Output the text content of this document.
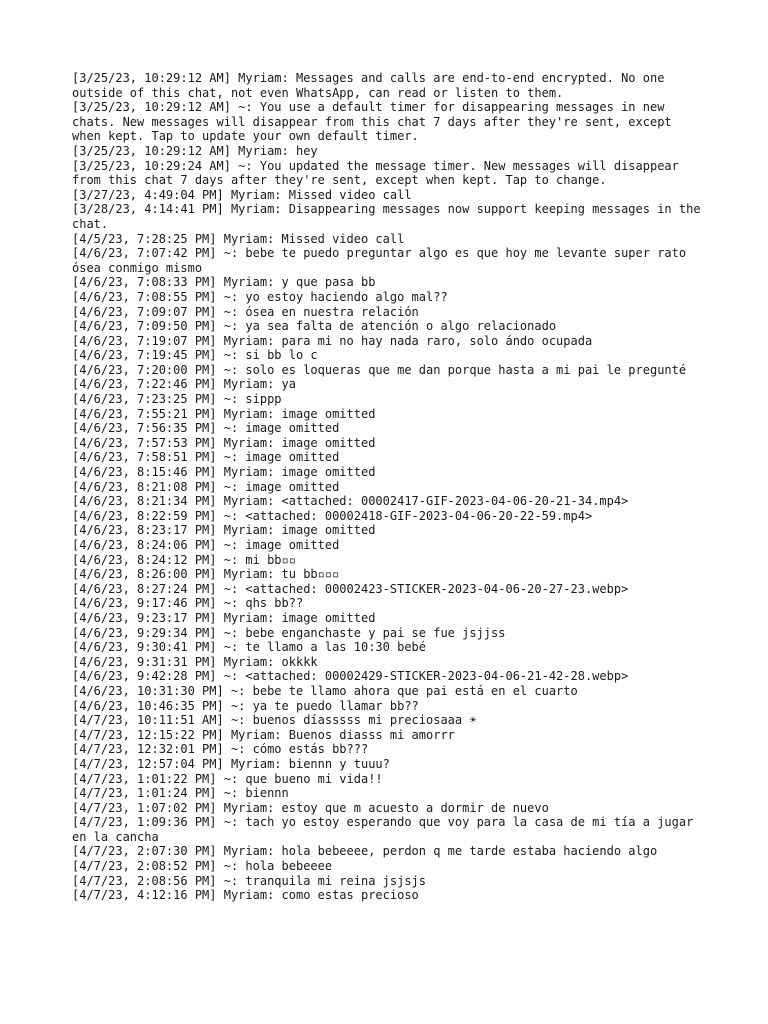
[3/25/23, 10:29:12 AM] Myriam: Messages and calls are end-to-end encrypted. No one outside of this chat, not even WhatsApp, can read or listen to them.

[3/25/23, 10:29:12 AM] ~: You use a default timer for disappearing messages in new chats. New messages will disappear from this chat 7 days after they're sent, except when kept. Tap to update your own default timer.

[3/25/23, 10:29:12 AM] Myriam: hey

[3/25/23, 10:29:24 AM] ~: You updated the message timer. New messages will disappear from this chat 7 days after they're sent, except when kept. Tap to change.

[3/27/23, 4:49:04 PM] Myriam: Missed video call

[3/28/23, 4:14:41 PM] Myriam: Disappearing messages now support keeping messages in the chat.

[4/5/23, 7:28:25 PM] Myriam: Missed video call

[4/6/23, 7:07:42 PM] ~: bebe te puedo preguntar algo es que hoy me levante super rato ósea conmigo mismo

[4/6/23, 7:08:33 PM] Myriam: y que pasa bb

[4/6/23, 7:08:55 PM] ~: yo estoy haciendo algo mal??

[4/6/23, 7:09:07 PM] ~: ósea en nuestra relación

[4/6/23, 7:09:50 PM] ~: ya sea falta de atención o algo relacionado

[4/6/23, 7:19:07 PM] Myriam: para mi no hay nada raro, solo ándo ocupada

[4/6/23, 7:19:45 PM] ~: si bb lo c

[4/6/23, 7:20:00 PM] ~: solo es loqueras que me dan porque hasta a mi pai le pregunté

[4/6/23, 7:22:46 PM] Myriam: ya

[4/6/23, 7:23:25 PM] ~: sippp

[4/6/23, 7:55:21 PM] Myriam: image omitted

[4/6/23, 7:56:35 PM] ~: image omitted

[4/6/23, 7:57:53 PM] Myriam: image omitted

[4/6/23, 7:58:51 PM] ~: image omitted

[4/6/23, 8:15:46 PM] Myriam: image omitted

[4/6/23, 8:21:08 PM] ~: image omitted

[4/6/23, 8:21:34 PM] Myriam: <attached: 00002417-GIF-2023-04-06-20-21-34.mp4>

[4/6/23, 8:22:59 PM] ~: <attached: 00002418-GIF-2023-04-06-20-22-59.mp4>

[4/6/23, 8:23:17 PM] Myriam: image omitted

[4/6/23, 8:24:06 PM] ~: image omitted

[4/6/23, 8:24:12 PM] ~: mi bb▫▫

[4/6/23, 8:26:00 PM] Myriam: tu bb▫▫▫

[4/6/23, 8:27:24 PM] ~: <attached: 00002423-STICKER-2023-04-06-20-27-23.webp>

[4/6/23, 9:17:46 PM] ~: qhs bb??

[4/6/23, 9:23:17 PM] Myriam: image omitted

[4/6/23, 9:29:34 PM] ~: bebe enganchaste y pai se fue jsjjss

[4/6/23, 9:30:41 PM] ~: te llamo a las 10:30 bebé

[4/6/23, 9:31:31 PM] Myriam: okkkk

[4/6/23, 9:42:28 PM] ~: <attached: 00002429-STICKER-2023-04-06-21-42-28.webp>

[4/6/23, 10:31:30 PM] ~: bebe te llamo ahora que pai está en el cuarto

[4/6/23, 10:46:35 PM] ~: ya te puedo llamar bb??

[4/7/23, 10:11:51 AM] ~: buenos díasssss mi preciosaaa ☀

[4/7/23, 12:15:22 PM] Myriam: Buenos diasss mi amorrr

[4/7/23, 12:32:01 PM] ~: cómo estás bb???

[4/7/23, 12:57:04 PM] Myriam: biennn y tuuu?

[4/7/23, 1:01:22 PM] ~: que bueno mi vida!!

[4/7/23, 1:01:24 PM] ~: biennn

[4/7/23, 1:07:02 PM] Myriam: estoy que m acuesto a dormir de nuevo

[4/7/23, 1:09:36 PM] ~: tach yo estoy esperando que voy para la casa de mi tía a jugar en la cancha

[4/7/23, 2:07:30 PM] Myriam: hola bebeeee, perdon q me tarde estaba haciendo algo

[4/7/23, 2:08:52 PM] ~: hola bebeeee

[4/7/23, 2:08:56 PM] ~: tranquila mi reina jsjsjs

[4/7/23, 4:12:16 PM] Myriam: como estas precioso
